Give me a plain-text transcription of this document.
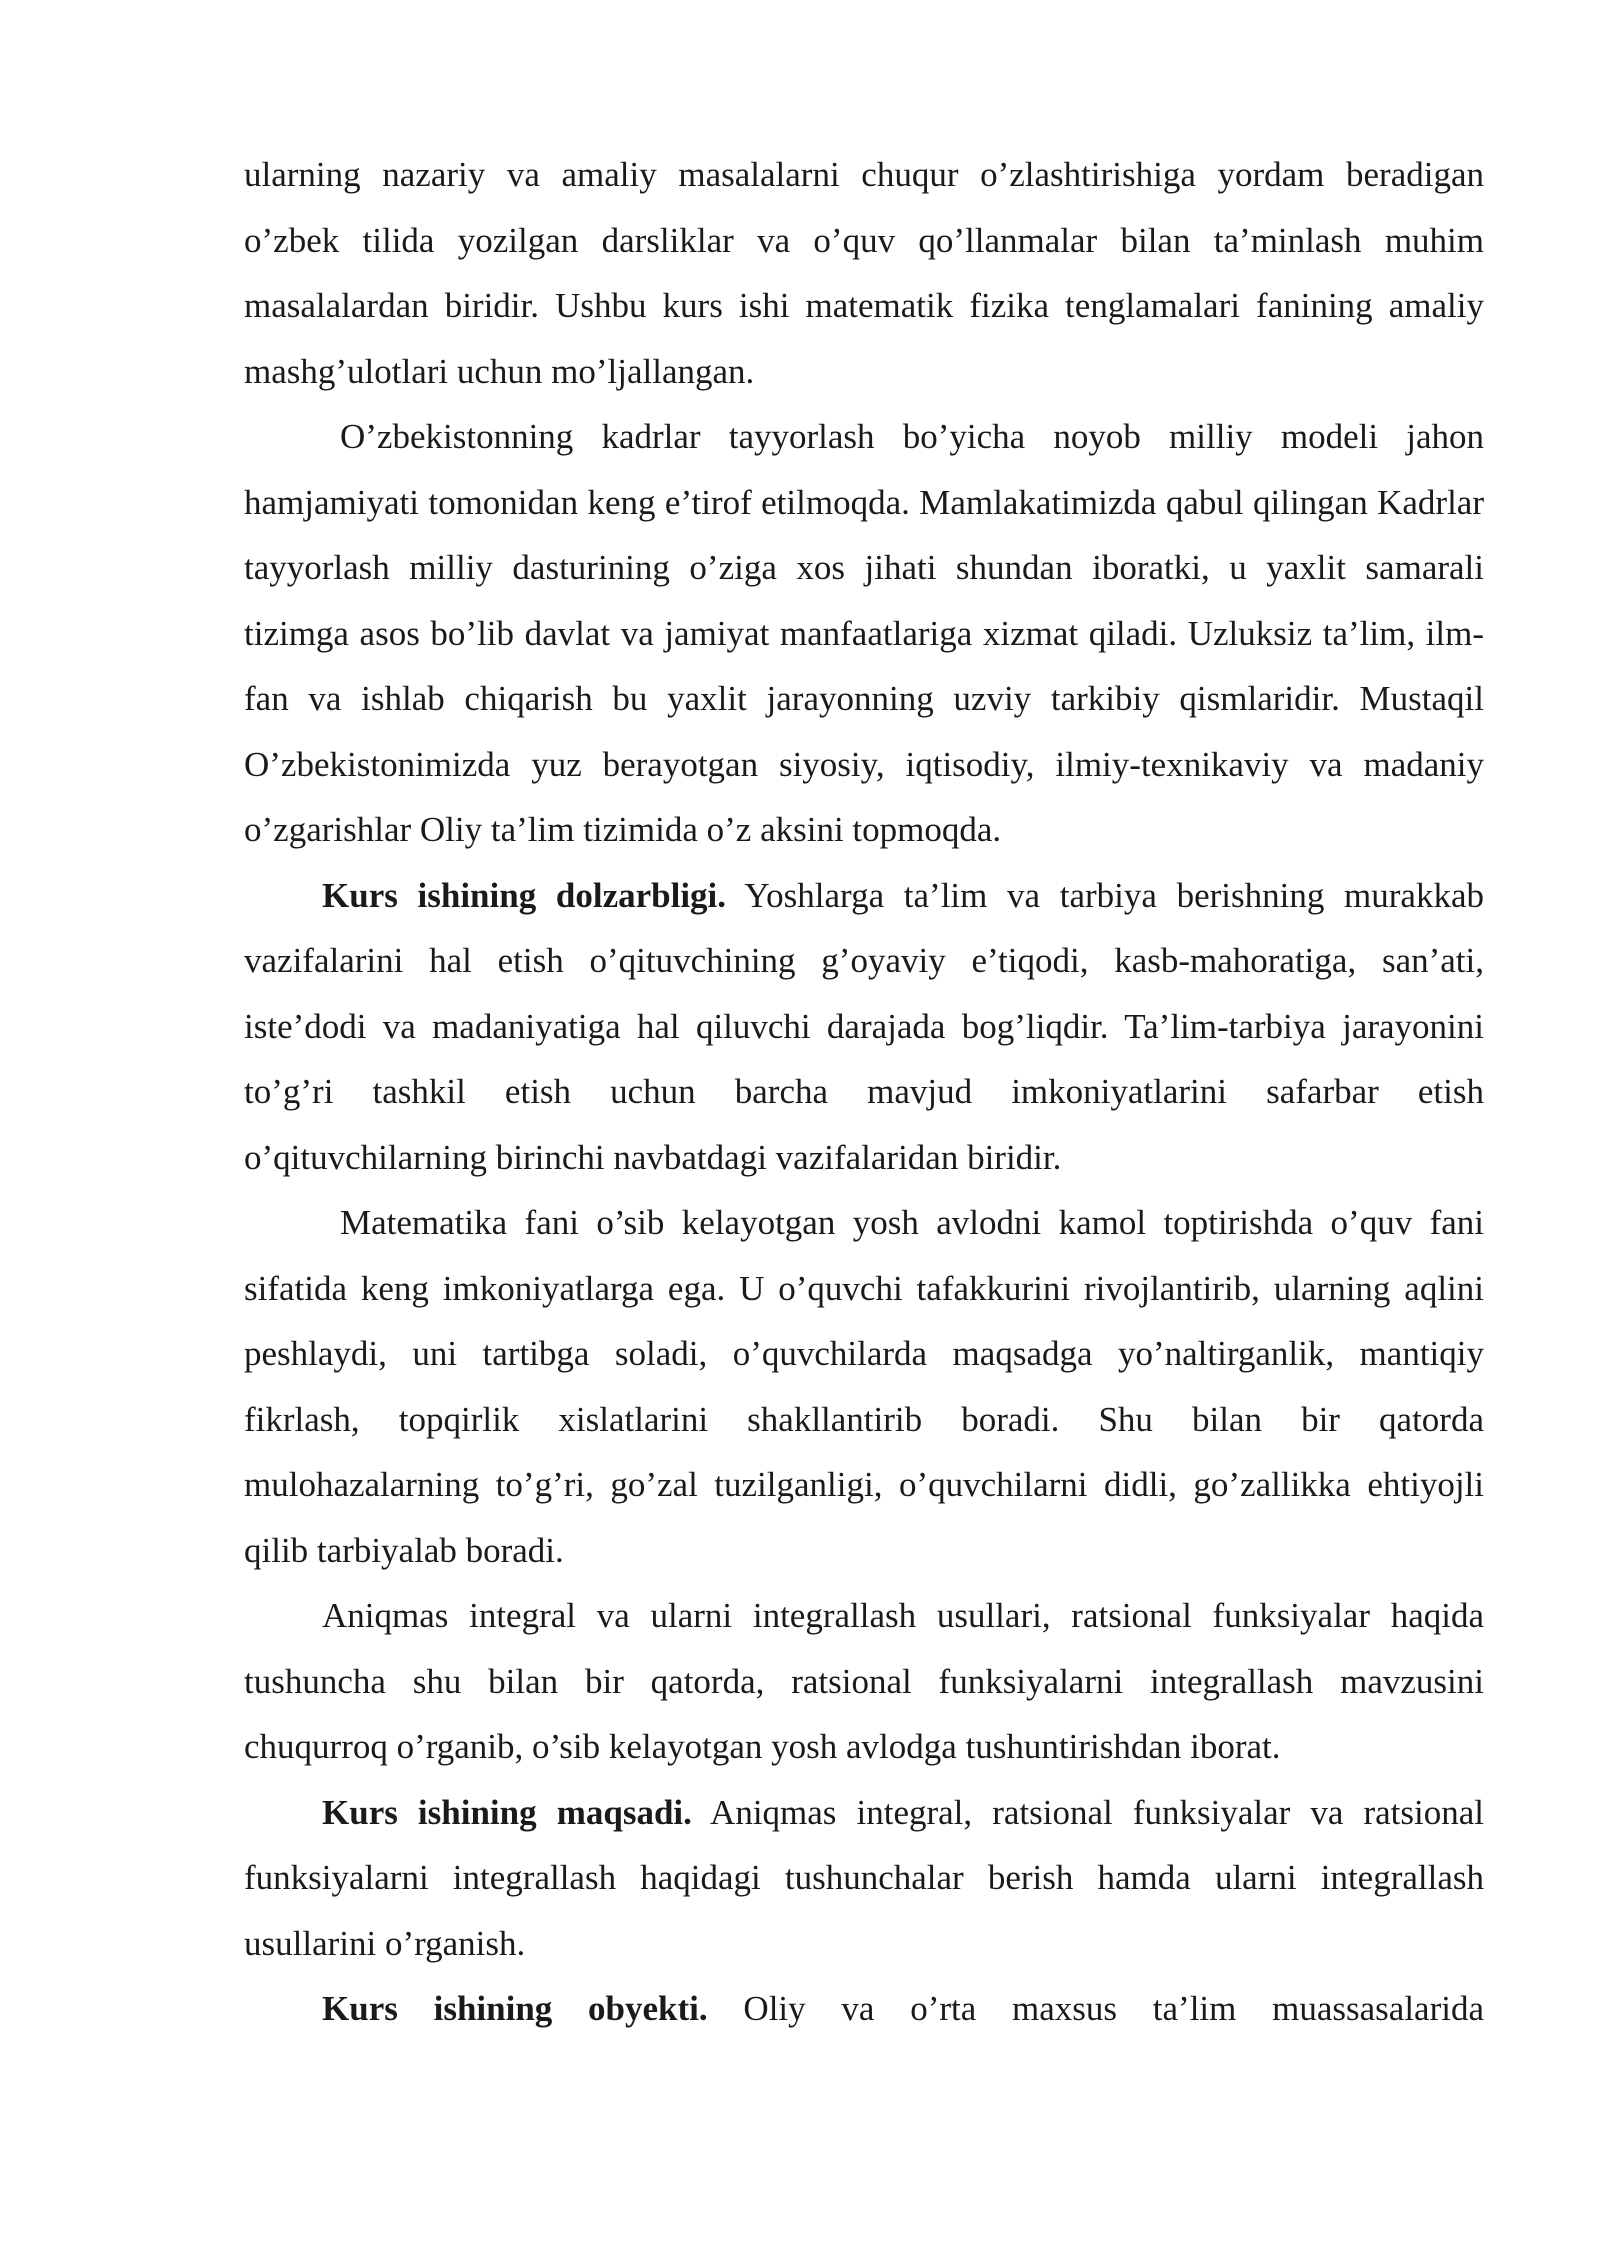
ularning nazariy va amaliy masalalarni chuqur o’zlashtirishiga yordam beradigan o’zbek tilida yozilgan darsliklar va o’quv qo’llanmalar bilan ta’minlash muhim masalalardan biridir. Ushbu kurs ishi matematik fizika tenglamalari fanining amaliy mashg’ulotlari uchun mo’ljallangan.

O’zbekistonning kadrlar tayyorlash bo’yicha noyob milliy modeli jahon hamjamiyati tomonidan keng e’tirof etilmoqda. Mamlakatimizda qabul qilingan Kadrlar tayyorlash milliy dasturining o’ziga xos jihati shundan iboratki, u yaxlit samarali tizimga asos bo’lib davlat va jamiyat manfaatlariga xizmat qiladi. Uzluksiz ta’lim, ilm-fan va ishlab chiqarish bu yaxlit jarayonning uzviy tarkibiy qismlaridir. Mustaqil O’zbekistonimizda yuz berayotgan siyosiy, iqtisodiy, ilmiy-texnikaviy va madaniy o’zgarishlar Oliy ta’lim tizimida o’z aksini topmoqda.

Kurs ishining dolzarbligi. Yoshlarga ta’lim va tarbiya berishning murakkab vazifalarini hal etish o’qituvchining g’oyaviy e’tiqodi, kasb-mahoratiga, san’ati, iste’dodi va madaniyatiga hal qiluvchi darajada bog’liqdir. Ta’lim-tarbiya jarayonini to’g’ri tashkil etish uchun barcha mavjud imkoniyatlarini safarbar etish o’qituvchilarning birinchi navbatdagi vazifalaridan biridir.

Matematika fani o’sib kelayotgan yosh avlodni kamol toptirishda o’quv fani sifatida keng imkoniyatlarga ega. U o’quvchi tafakkurini rivojlantirib, ularning aqlini peshlaydi, uni tartibga soladi, o’quvchilarda maqsadga yo’naltirganlik, mantiqiy fikrlash, topqirlik xislatlarini shakllantirib boradi. Shu bilan bir qatorda mulohazalarning to’g’ri, go’zal tuzilganligi, o’quvchilarni didli, go’zallikka ehtiyojli qilib tarbiyalab boradi.

Aniqmas integral va ularni integrallash usullari, ratsional funksiyalar haqida tushuncha shu bilan bir qatorda, ratsional funksiyalarni integrallash mavzusini chuqurroq o’rganib, o’sib kelayotgan yosh avlodga tushuntirishdan iborat.

Kurs ishining maqsadi. Aniqmas integral, ratsional funksiyalar va ratsional funksiyalarni integrallash haqidagi tushunchalar berish hamda ularni integrallash usullarini o’rganish.

Kurs ishining obyekti. Oliy va o’rta maxsus ta’lim muassasalarida
